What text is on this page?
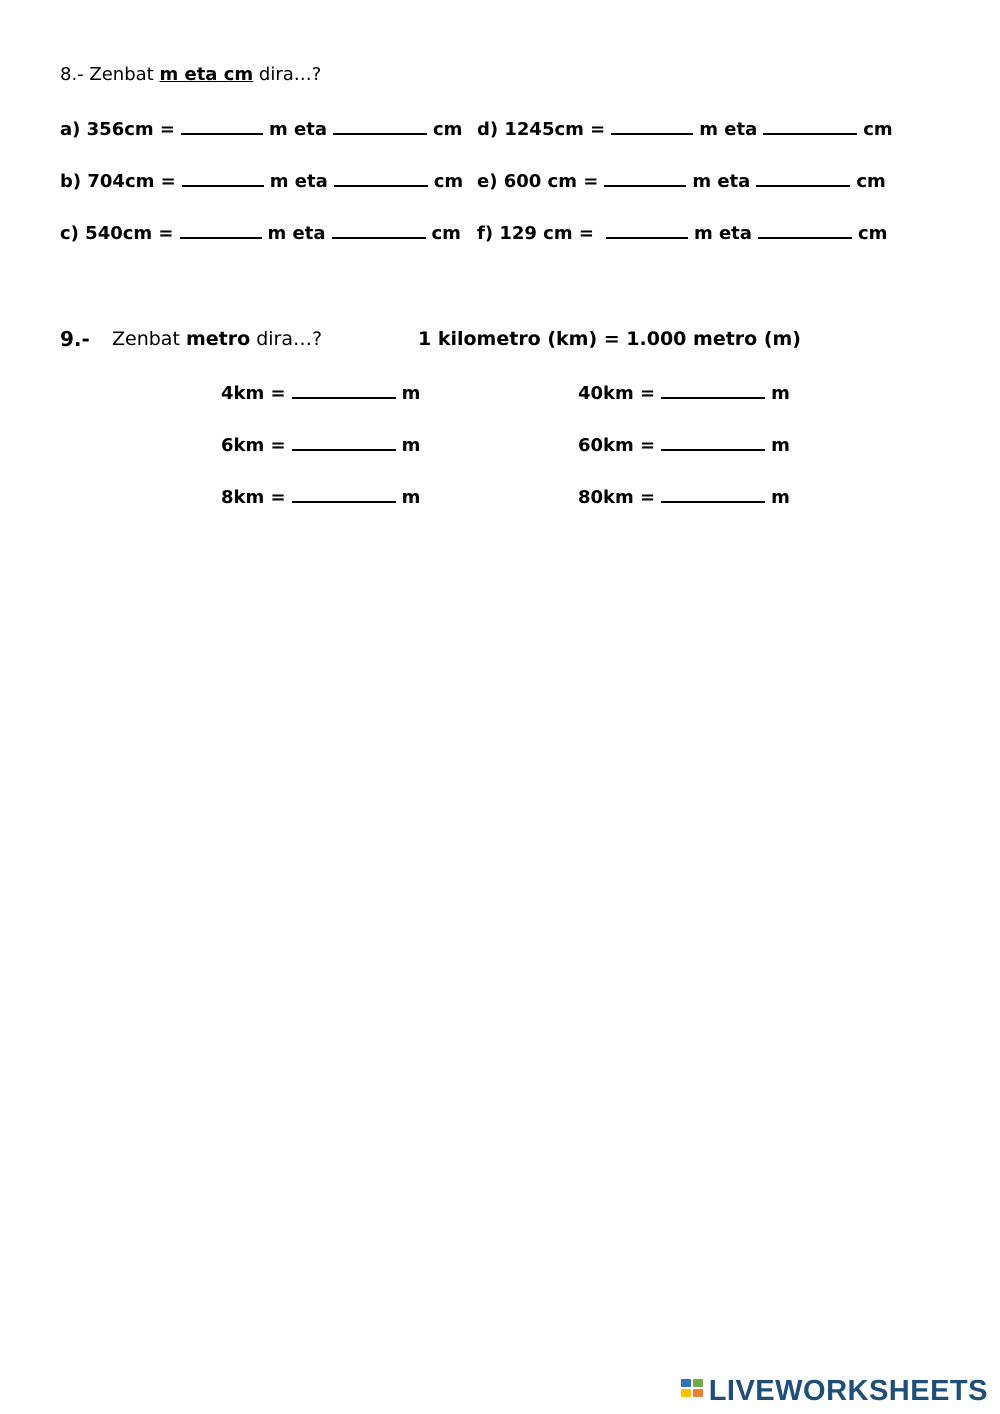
8.- Zenbat m eta cm dira…?
a) 356cm =	m eta	cm
b) 704cm =	m eta	cm
c) 540cm =	m eta	cm
d) 1245cm =	m eta	cm
e) 600 cm =	m eta	cm
f) 129 cm =	m eta	cm
9.- Zenbat metro dira…?	1 kilometro (km) = 1.000 metro (m)
4km =	m
6km =	m
8km =	m
40km =	m
60km =	m
80km =	m
LIVEWORKSHEETS
